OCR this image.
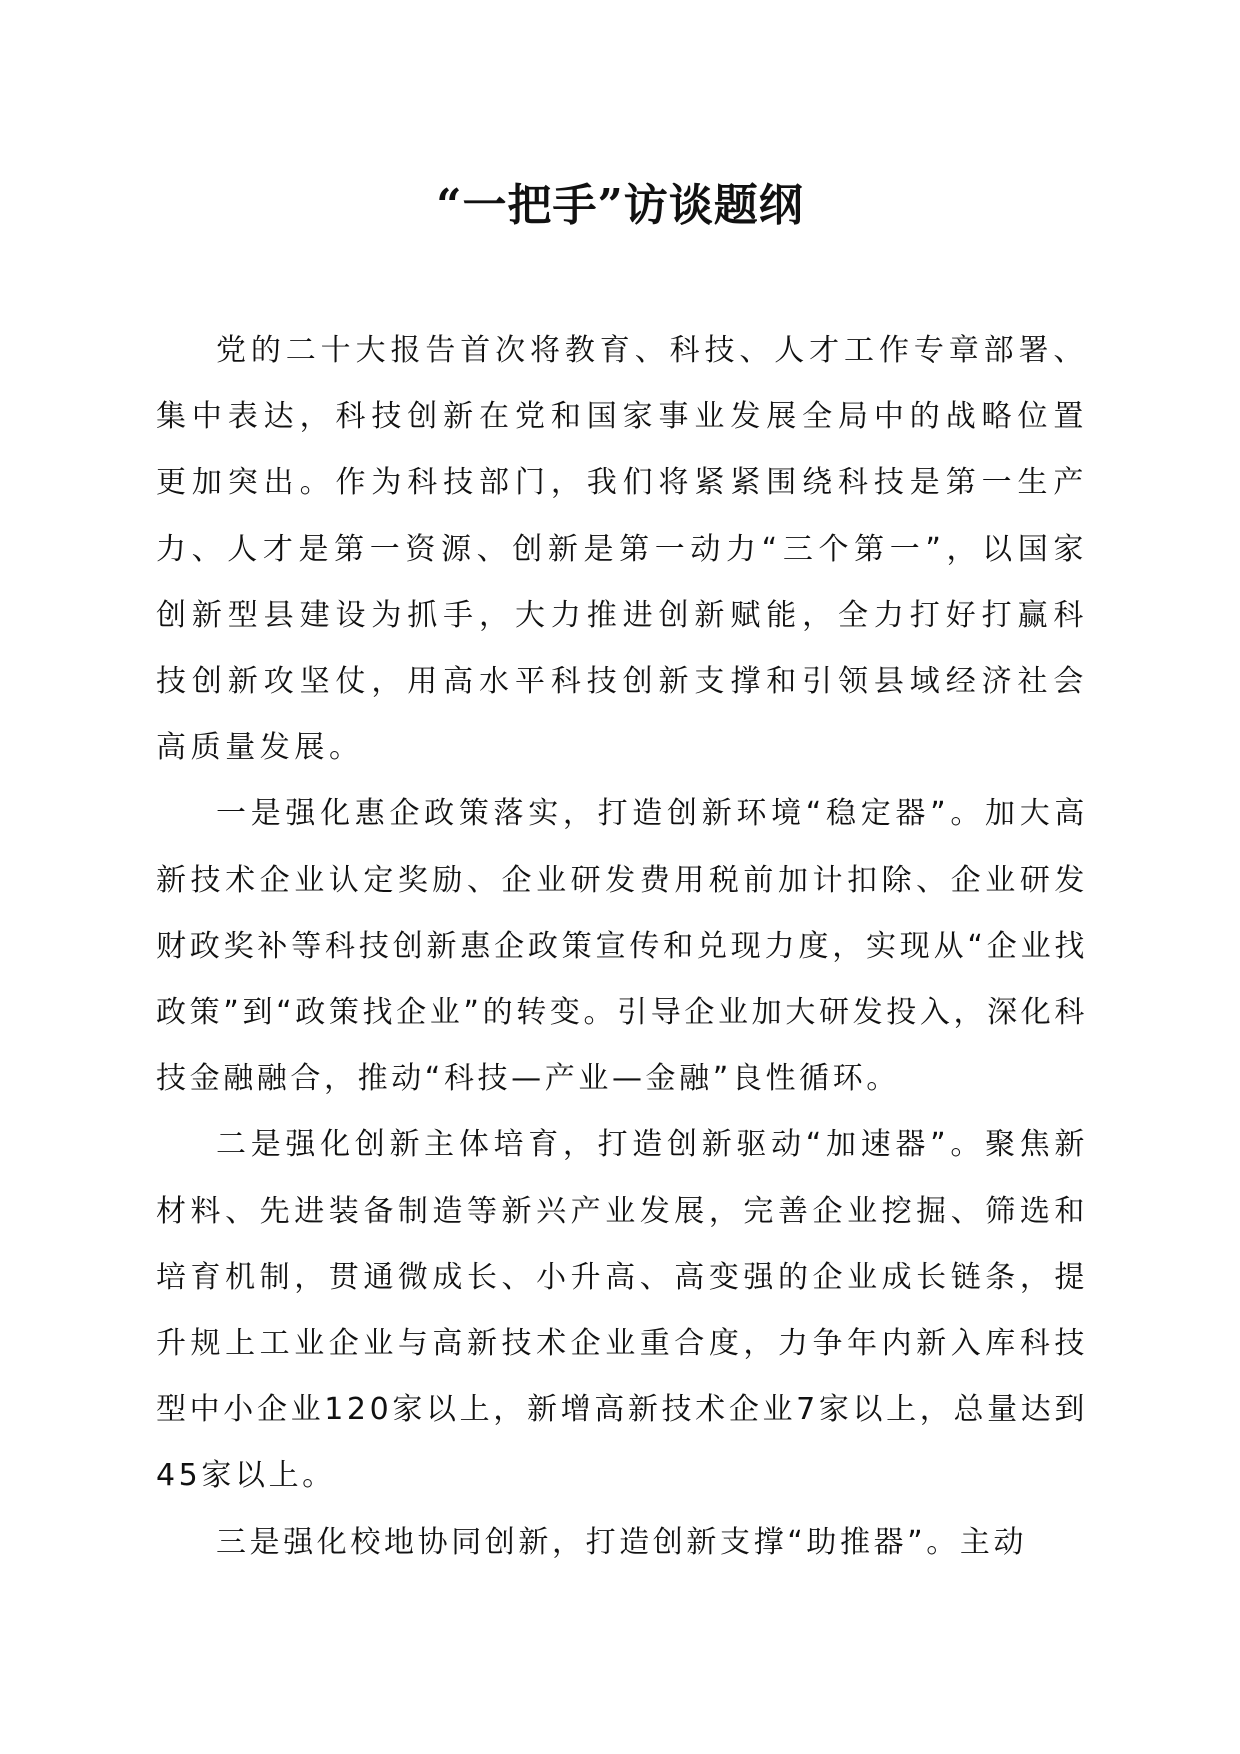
“一把手”访谈题纲

党的二十大报告首次将教育、科技、人才工作专章部署、集中表达，科技创新在党和国家事业发展全局中的战略位置更加突出。作为科技部门，我们将紧紧围绕科技是第一生产力、人才是第一资源、创新是第一动力“三个第一”，以国家创新型县建设为抓手，大力推进创新赋能，全力打好打赢科技创新攻坚仗，用高水平科技创新支撑和引领县域经济社会高质量发展。

一是强化惠企政策落实，打造创新环境“稳定器”。加大高新技术企业认定奖励、企业研发费用税前加计扣除、企业研发财政奖补等科技创新惠企政策宣传和兑现力度，实现从“企业找政策”到“政策找企业”的转变。引导企业加大研发投入，深化科技金融融合，推动“科技—产业—金融”良性循环。

二是强化创新主体培育，打造创新驱动“加速器”。聚焦新材料、先进装备制造等新兴产业发展，完善企业挖掘、筛选和培育机制，贯通微成长、小升高、高变强的企业成长链条，提升规上工业企业与高新技术企业重合度，力争年内新入库科技型中小企业120家以上，新增高新技术企业7家以上，总量达到45家以上。

三是强化校地协同创新，打造创新支撑“助推器”。主动
